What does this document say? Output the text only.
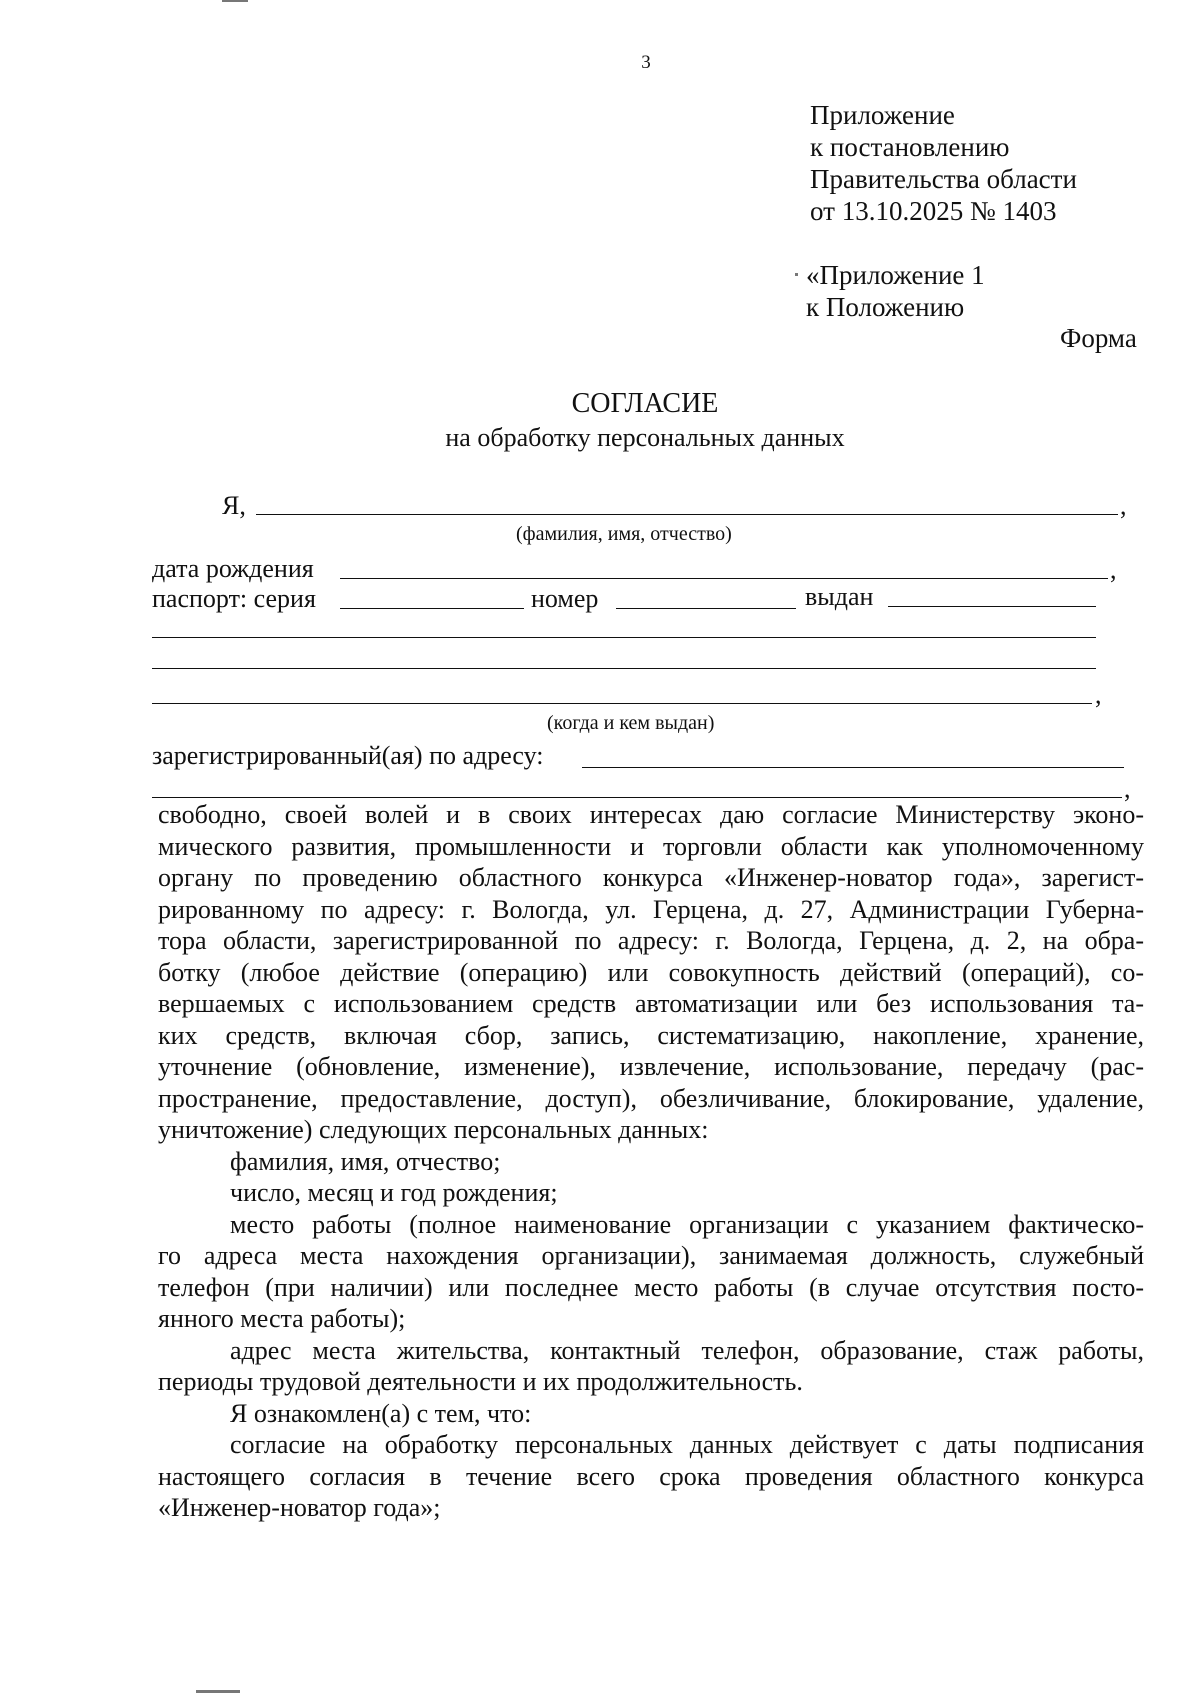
3
Приложение
к постановлению
Правительства области
от 13.10.2025 № 1403
«Приложение 1
к Положению
Форма
СОГЛАСИЕ
на обработку персональных данных
Я,	,
(фамилия, имя, отчество)
дата рождения	,
паспорт: серия	номер	выдан
,
(когда и кем выдан)
зарегистрированный(ая) по адресу:
,

свободно, своей волей и в своих интересах даю согласие Министерству эконо-

мического развития, промышленности и торговли области как уполномоченному

органу по проведению областного конкурса «Инженер-новатор года», зарегист-

рированному по адресу: г. Вологда, ул. Герцена, д. 27, Администрации Губерна-

тора области, зарегистрированной по адресу: г. Вологда, Герцена, д. 2, на обра-

ботку (любое действие (операцию) или совокупность действий (операций), со-

вершаемых с использованием средств автоматизации или без использования та-

ких средств, включая сбор, запись, систематизацию, накопление, хранение,

уточнение (обновление, изменение), извлечение, использование, передачу (рас-

пространение, предоставление, доступ), обезличивание, блокирование, удаление,

уничтожение) следующих персональных данных:

фамилия, имя, отчество;

число, месяц и год рождения;

место работы (полное наименование организации с указанием фактическо-

го адреса места нахождения организации), занимаемая должность, служебный

телефон (при наличии) или последнее место работы (в случае отсутствия посто-

янного места работы);

адрес места жительства, контактный телефон, образование, стаж работы,

периоды трудовой деятельности и их продолжительность.

Я ознакомлен(а) с тем, что:

согласие на обработку персональных данных действует с даты подписания

настоящего согласия в течение всего срока проведения областного конкурса

«Инженер-новатор года»;
